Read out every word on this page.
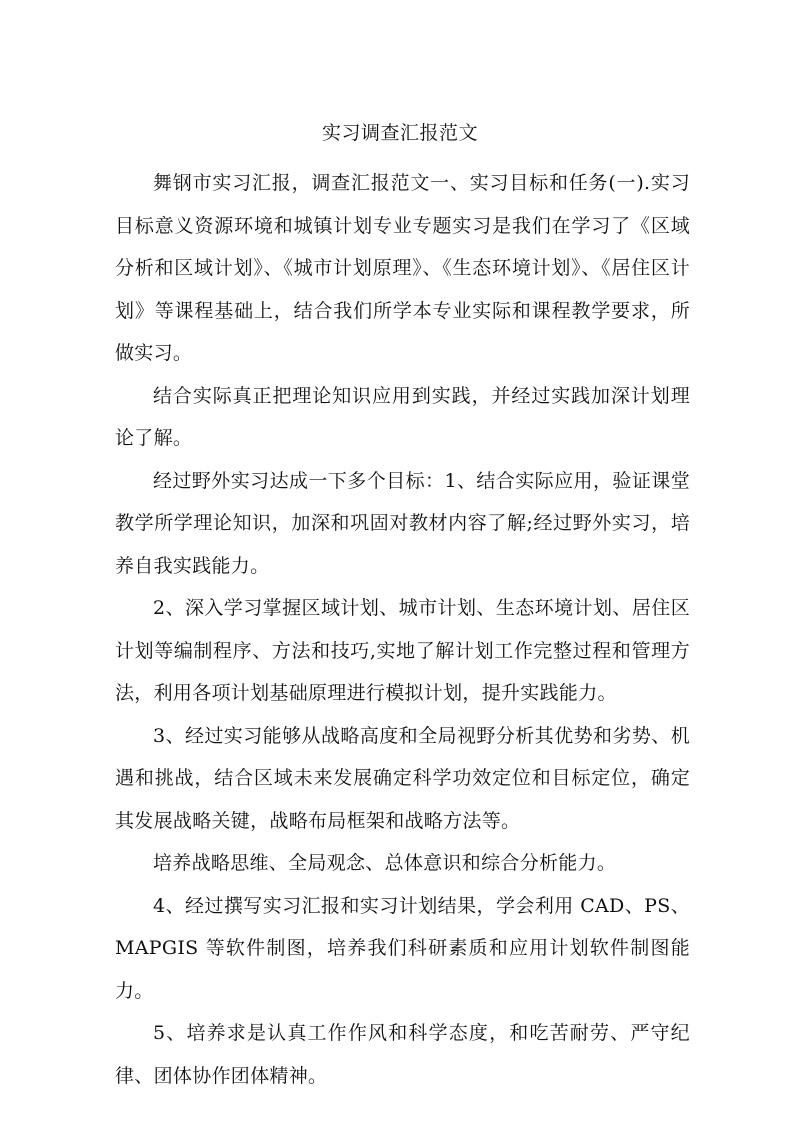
实习调查汇报范文

舞钢市实习汇报，调查汇报范文一、实习目标和任务(一).实习目标意义资源环境和城镇计划专业专题实习是我们在学习了《区域分析和区域计划》、《城市计划原理》、《生态环境计划》、《居住区计划》等课程基础上，结合我们所学本专业实际和课程教学要求，所做实习。

结合实际真正把理论知识应用到实践，并经过实践加深计划理论了解。

经过野外实习达成一下多个目标：1、结合实际应用，验证课堂教学所学理论知识，加深和巩固对教材内容了解;经过野外实习，培养自我实践能力。

2、深入学习掌握区域计划、城市计划、生态环境计划、居住区计划等编制程序、方法和技巧,实地了解计划工作完整过程和管理方法，利用各项计划基础原理进行模拟计划，提升实践能力。

3、经过实习能够从战略高度和全局视野分析其优势和劣势、机遇和挑战，结合区域未来发展确定科学功效定位和目标定位，确定其发展战略关键，战略布局框架和战略方法等。

培养战略思维、全局观念、总体意识和综合分析能力。

4、经过撰写实习汇报和实习计划结果，学会利用 CAD、PS、MAPGIS 等软件制图，培养我们科研素质和应用计划软件制图能力。

5、培养求是认真工作作风和科学态度，和吃苦耐劳、严守纪律、团体协作团体精神。
